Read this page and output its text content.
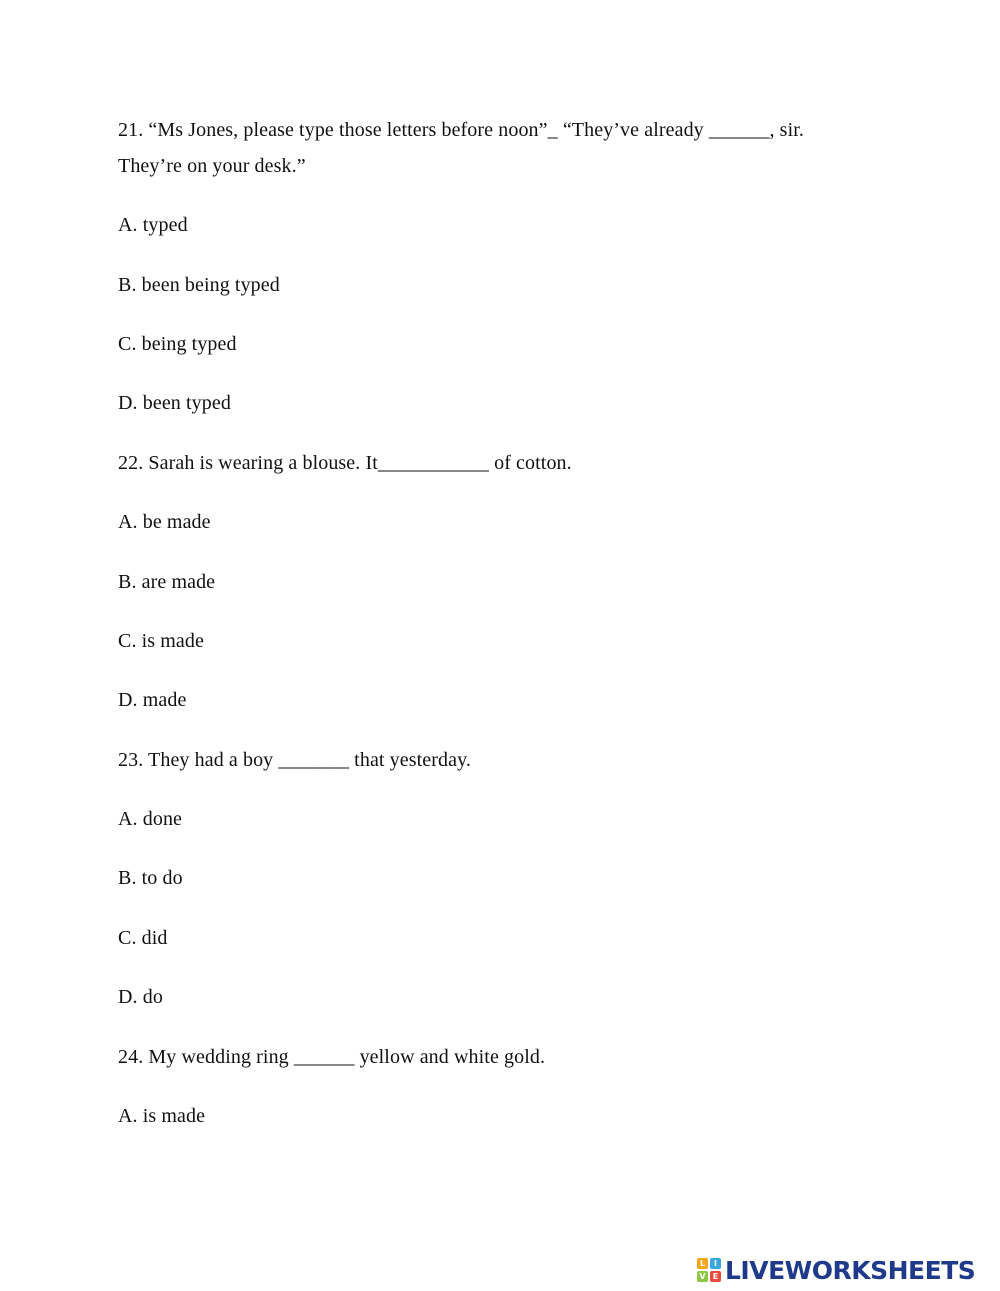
21. “Ms Jones, please type those letters before noon”_ “They’ve already ______, sir.
They’re on your desk.”
A. typed
B. been being typed
C. being typed
D. been typed
22. Sarah is wearing a blouse. It___________ of cotton.
A. be made
B. are made
C. is made
D. made
23. They had a boy _______ that yesterday.
A. done
B. to do
C. did
D. do
24. My wedding ring ______ yellow and white gold.
A. is made
L	I
V E LIVEWORKSHEETS
